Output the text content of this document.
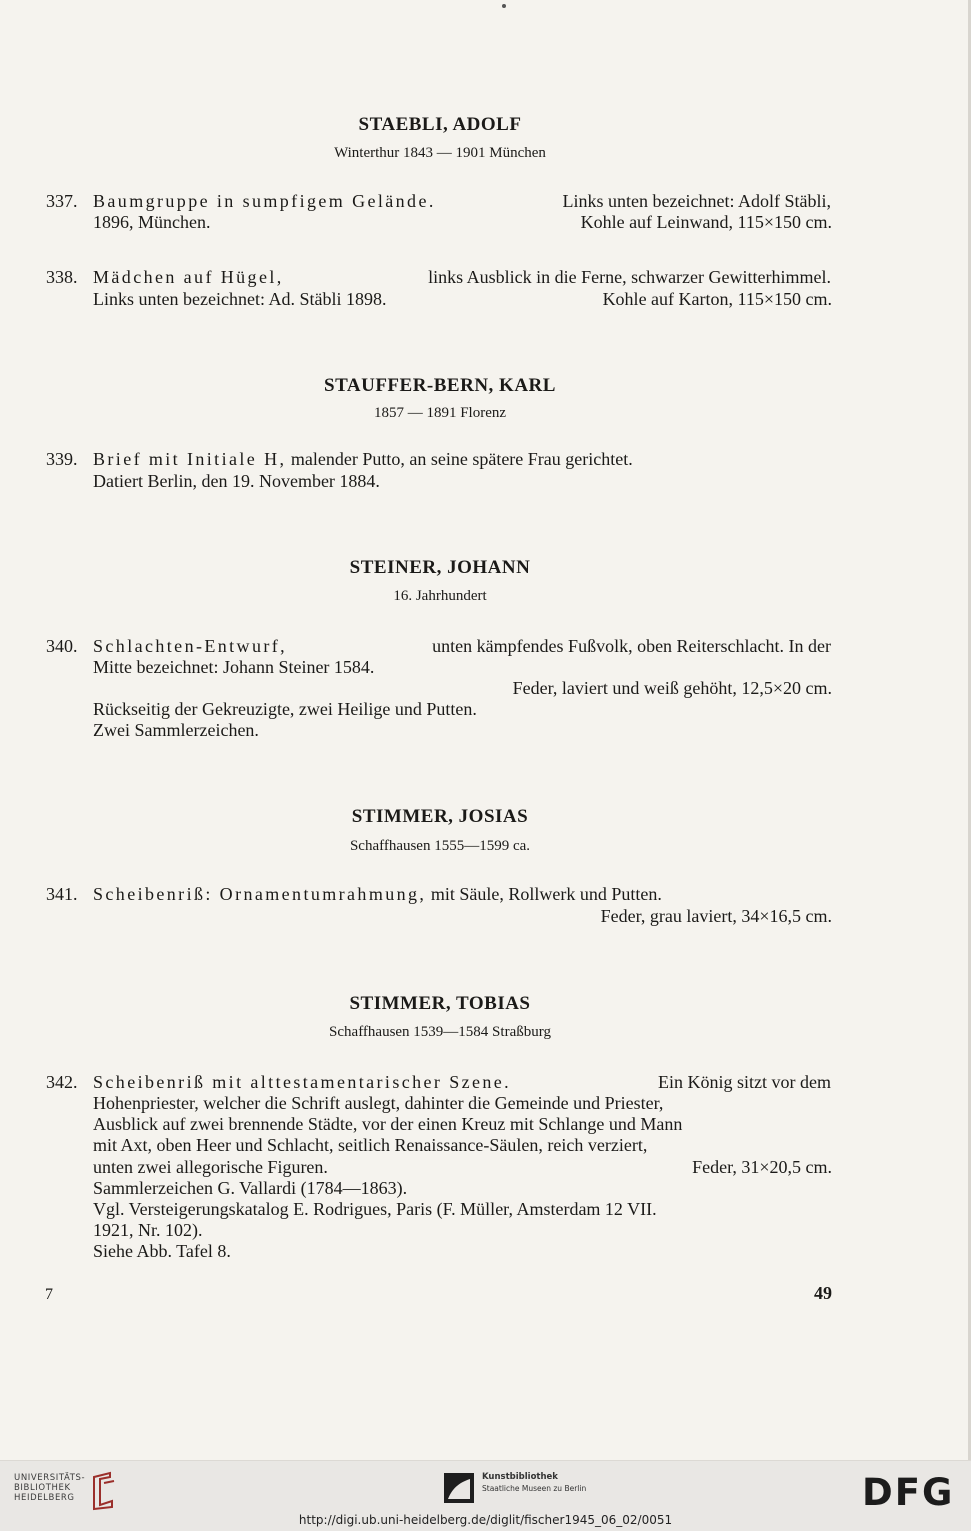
STAEBLI, ADOLF
Winterthur 1843 — 1901 München
337. Baumgruppe in sumpfigem Gelände.	Links unten bezeichnet: Adolf Stäbli,
1896, München.	Kohle auf Leinwand, 115×150 cm.
338. Mädchen auf Hügel,	links Ausblick in die Ferne, schwarzer Gewitterhimmel.
Links unten bezeichnet: Ad. Stäbli 1898.	Kohle auf Karton, 115×150 cm.
STAUFFER-BERN, KARL
1857 — 1891 Florenz
339. Brief mit Initiale H, malender Putto, an seine spätere Frau gerichtet.
Datiert Berlin, den 19. November 1884.
STEINER, JOHANN
16. Jahrhundert
340. Schlachten-Entwurf,	unten kämpfendes Fußvolk, oben Reiterschlacht. In der
Mitte bezeichnet: Johann Steiner 1584.
Feder, laviert und weiß gehöht, 12,5×20 cm.
Rückseitig der Gekreuzigte, zwei Heilige und Putten.
Zwei Sammlerzeichen.
STIMMER, JOSIAS
Schaffhausen 1555—1599 ca.
341. Scheibenriß: Ornamentumrahmung, mit Säule, Rollwerk und Putten.
Feder, grau laviert, 34×16,5 cm.
STIMMER, TOBIAS
Schaffhausen 1539—1584 Straßburg
342. Scheibenriß mit alttestamentarischer Szene.	Ein König sitzt vor dem
Hohenpriester, welcher die Schrift auslegt, dahinter die Gemeinde und Priester,
Ausblick auf zwei brennende Städte, vor der einen Kreuz mit Schlange und Mann
mit Axt, oben Heer und Schlacht, seitlich Renaissance-Säulen, reich verziert,
unten zwei allegorische Figuren.	Feder, 31×20,5 cm.
Sammlerzeichen G. Vallardi (1784—1863).
Vgl. Versteigerungskatalog E. Rodrigues, Paris (F. Müller, Amsterdam 12 VII.
1921, Nr. 102).
Siehe Abb. Tafel 8.
7	49
UNIVERSITÄTS-
BIBLIOTHEK
HEIDELBERG
Kunstbibliothek
Staatliche Museen zu Berlin	DFG
http://digi.ub.uni-heidelberg.de/diglit/fischer1945_06_02/0051
